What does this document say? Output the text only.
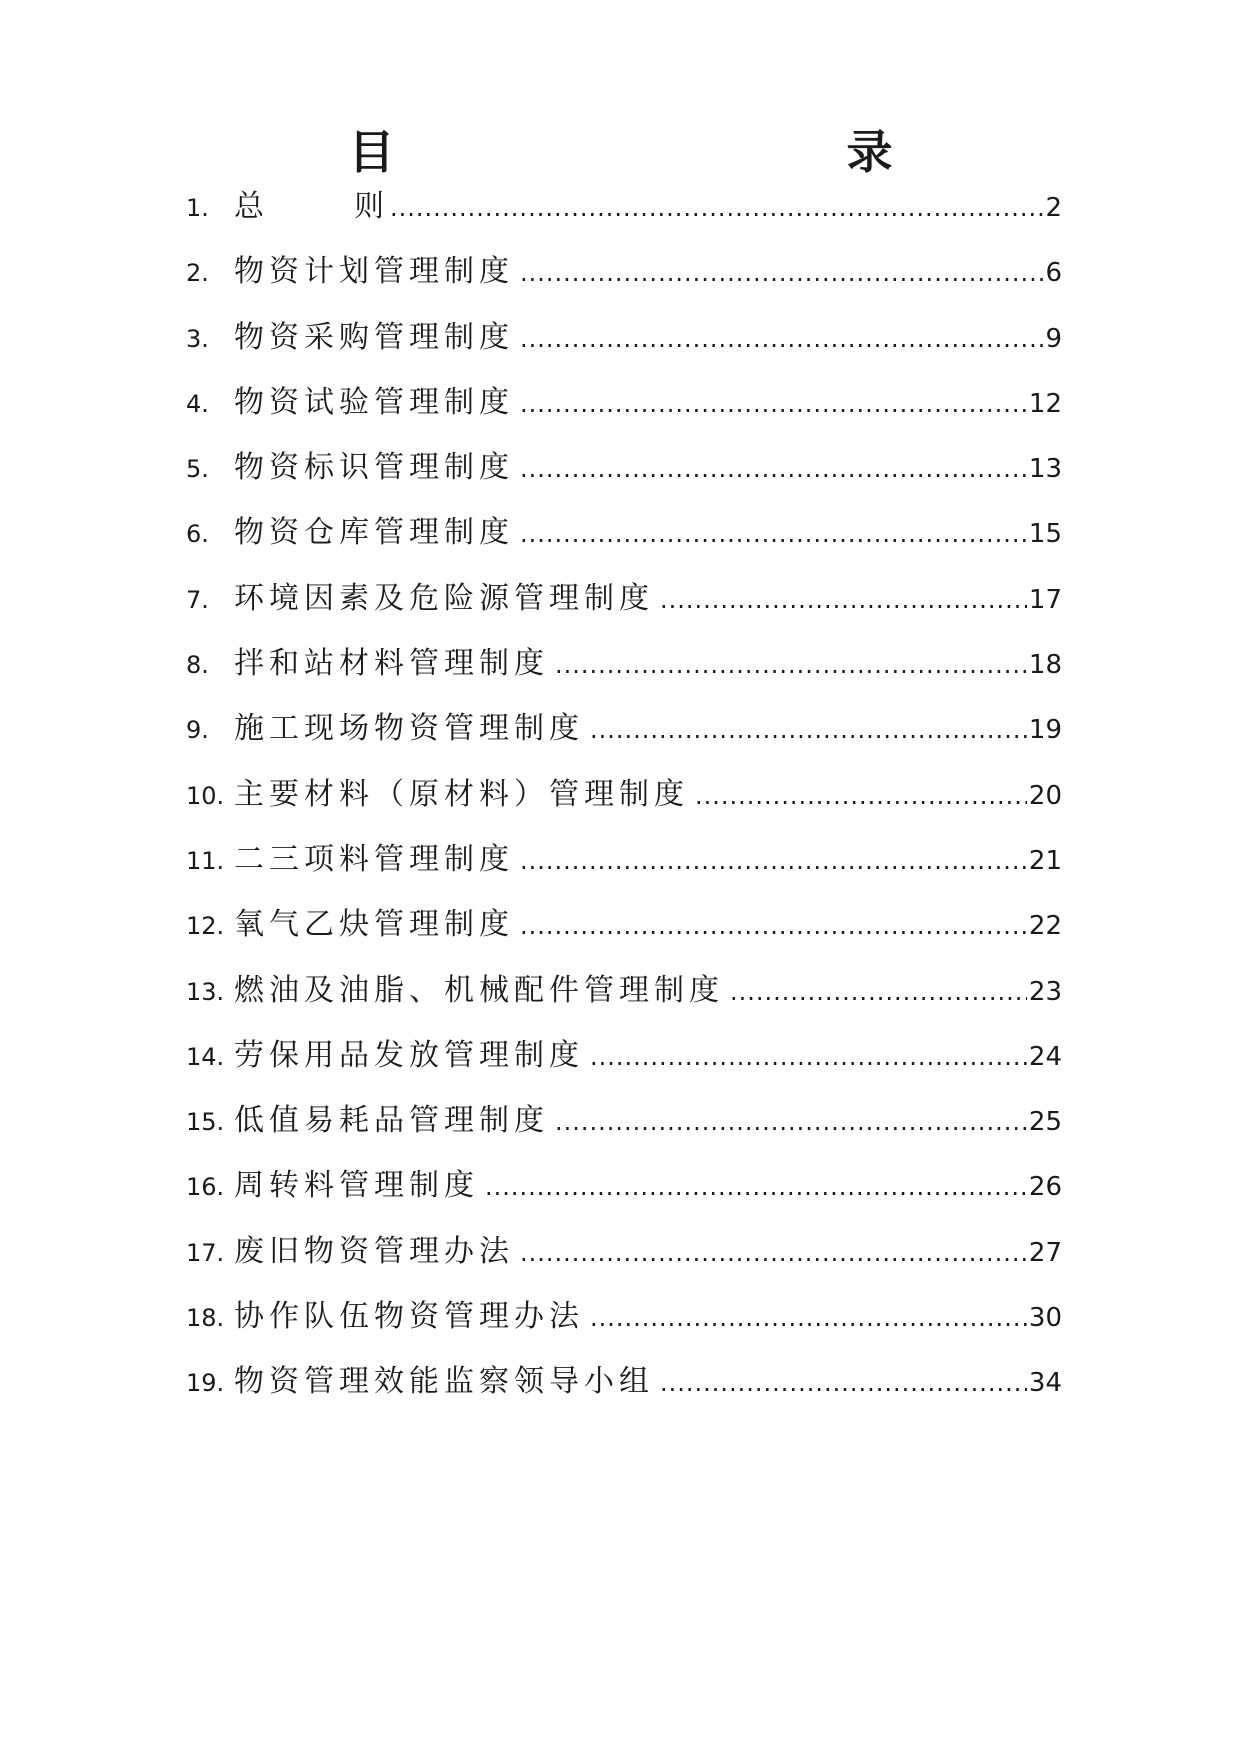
目　　录
1. 总　　　则 .....	2
2. 物资计划管理制度 .....	6
3. 物资采购管理制度 .....	9
4. 物资试验管理制度 .....	12
5. 物资标识管理制度 .....	13
6. 物资仓库管理制度 .....	15
7. 环境因素及危险源管理制度 .....	17
8. 拌和站材料管理制度 .....	18
9. 施工现场物资管理制度 .....	19
10. 主要材料（原材料）管理制度 .....	20
11. 二三项料管理制度 .....	21
12. 氧气乙炔管理制度 .....	22
13. 燃油及油脂、机械配件管理制度 .....	23
14. 劳保用品发放管理制度 .....	24
15. 低值易耗品管理制度 .....	25
16. 周转料管理制度 .....	26
17. 废旧物资管理办法 .....	27
18. 协作队伍物资管理办法 .....	30
19. 物资管理效能监察领导小组 .....	34
